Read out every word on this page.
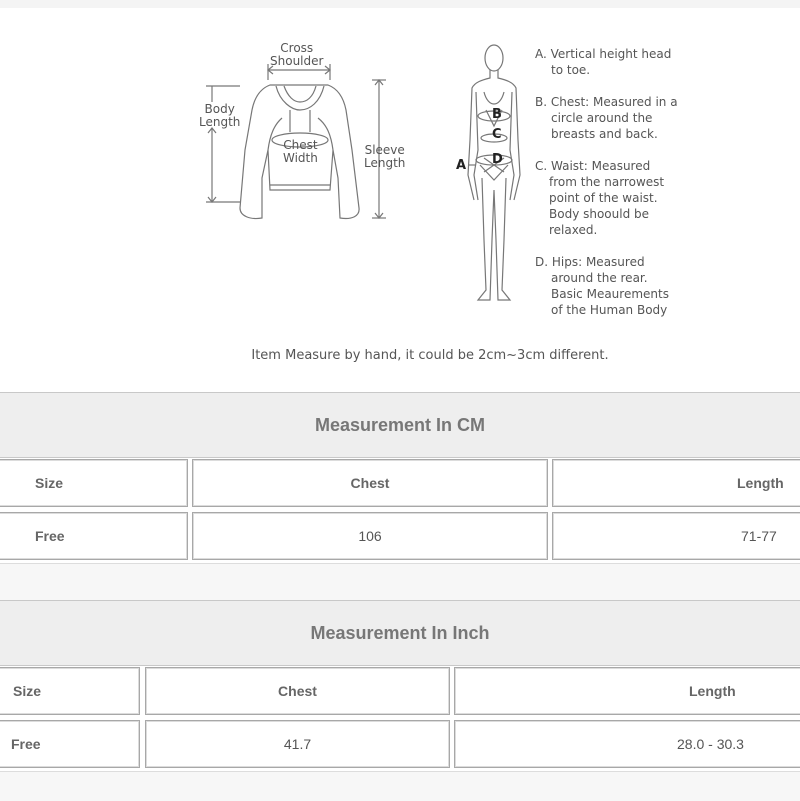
Cross
Shoulder
Body
Length
Chest
Width
Sleeve
Length	A
B
C
D
A. Vertical height head
to toe.
B. Chest: Measured in a
circle around the
breasts and back.
C. Waist: Measured
from the narrowest
point of the waist.
Body shoould be
relaxed.
D. Hips: Measured
around the rear.
Basic Meaurements
of the Human Body
Item Measure by hand, it could be 2cm~3cm different.
Measurement In CM
Size	Chest	Length
Free	106	71-77
Measurement In Inch
Size	Chest	Length
Free	41.7	28.0 - 30.3
